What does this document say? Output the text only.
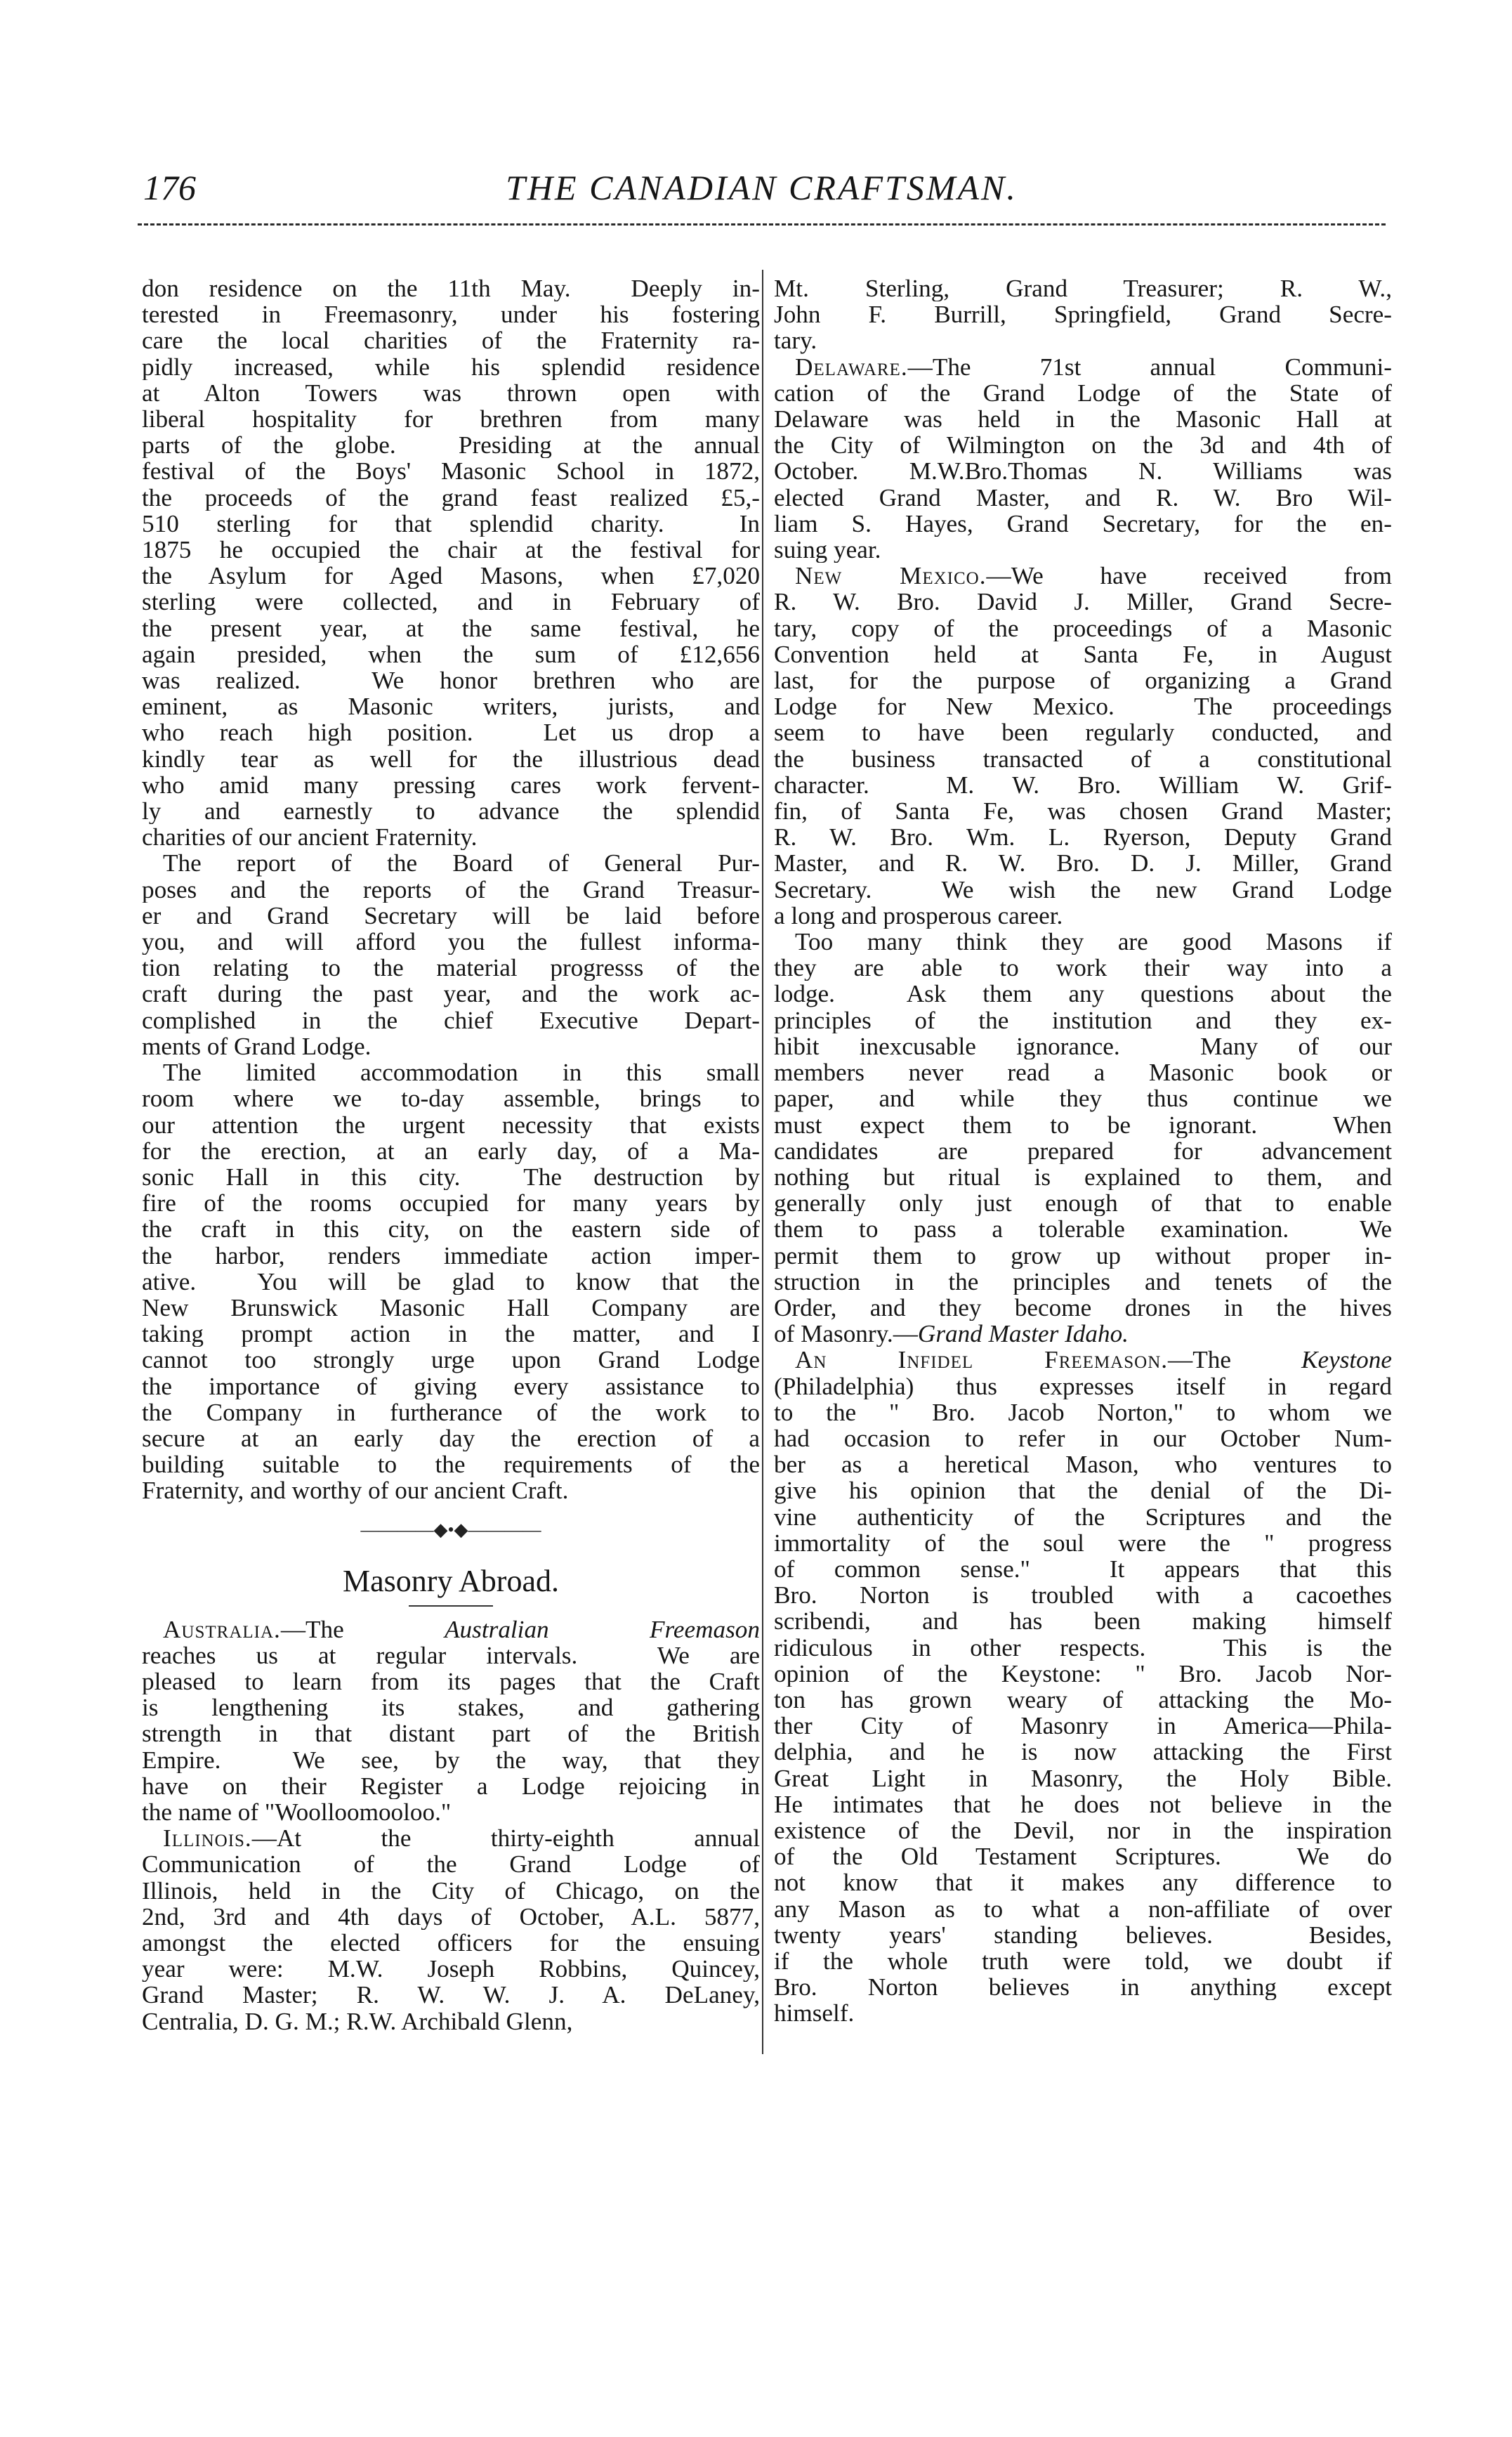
176	THE CANADIAN CRAFTSMAN.
don residence on the 11th May.  Deeply in-
terested in Freemasonry, under his fostering
care the local charities of the Fraternity ra-
pidly increased, while his splendid residence
at Alton Towers was thrown open with
liberal hospitality for brethren from many
parts of the globe.  Presiding at the annual
festival of the Boys' Masonic School in 1872,
the proceeds of the grand feast realized £5,-
510 sterling for that splendid charity.  In
1875 he occupied the chair at the festival for
the Asylum for Aged Masons, when £7,020
sterling were collected, and in February of
the present year, at the same festival, he
again presided, when the sum of £12,656
was realized.  We honor brethren who are
eminent, as Masonic writers, jurists, and
who reach high position.  Let us drop a
kindly tear as well for the illustrious dead
who amid many pressing cares work fervent-
ly and earnestly to advance the splendid
charities of our ancient Fraternity.
The report of the Board of General Pur-
poses and the reports of the Grand Treasur-
er and Grand Secretary will be laid before
you, and will afford you the fullest informa-
tion relating to the material progresss of the
craft during the past year, and the work ac-
complished in the chief Executive Depart-
ments of Grand Lodge.
The limited accommodation in this small
room where we to-day assemble, brings to
our attention the urgent necessity that exists
for the erection, at an early day, of a Ma-
sonic Hall in this city.  The destruction by
fire of the rooms occupied for many years by
the craft in this city, on the eastern side of
the harbor, renders immediate action imper-
ative.  You will be glad to know that the
New Brunswick Masonic Hall Company are
taking prompt action in the matter, and I
cannot too strongly urge upon Grand Lodge
the importance of giving every assistance to
the Company in furtherance of the work to
secure at an early day the erection of a
building suitable to the requirements of the
Fraternity, and worthy of our ancient Craft.
————◆•◆————
Masonry Abroad.
Australia.—The Australian Freemason
reaches us at regular intervals.  We are
pleased to learn from its pages that the Craft
is lengthening its stakes, and gathering
strength in that distant part of the British
Empire.  We see, by the way, that they
have on their Register a Lodge rejoicing in
the name of "Woolloomooloo."
Illinois.—At the thirty-eighth annual
Communication of the Grand Lodge of
Illinois, held in the City of Chicago, on the
2nd, 3rd and 4th days of October, A.L. 5877,
amongst the elected officers for the ensuing
year were: M.W. Joseph Robbins, Quincey,
Grand Master; R. W. W. J. A. DeLaney,
Centralia, D. G. M.; R.W. Archibald Glenn,
Mt. Sterling, Grand Treasurer; R. W.,
John F. Burrill, Springfield, Grand Secre-
tary.
Delaware.—The 71st annual Communi-
cation of the Grand Lodge of the State of
Delaware was held in the Masonic Hall at
the City of Wilmington on the 3d and 4th of
October. M.W.Bro.Thomas N. Williams was
elected Grand Master, and R. W. Bro Wil-
liam S. Hayes, Grand Secretary, for the en-
suing year.
New Mexico.—We have received from
R. W. Bro. David J. Miller, Grand Secre-
tary, copy of the proceedings of a Masonic
Convention held at Santa Fe, in August
last, for the purpose of organizing a Grand
Lodge for New Mexico.  The proceedings
seem to have been regularly conducted, and
the business transacted of a constitutional
character.  M. W. Bro. William W. Grif-
fin, of Santa Fe, was chosen Grand Master;
R. W. Bro. Wm. L. Ryerson, Deputy Grand
Master, and R. W. Bro. D. J. Miller, Grand
Secretary.  We wish the new Grand Lodge
a long and prosperous career.
Too many think they are good Masons if
they are able to work their way into a
lodge.  Ask them any questions about the
principles of the institution and they ex-
hibit inexcusable ignorance.  Many of our
members never read a Masonic book or
paper, and while they thus continue we
must expect them to be ignorant.  When
candidates are prepared for advancement
nothing but ritual is explained to them, and
generally only just enough of that to enable
them to pass a tolerable examination.  We
permit them to grow up without proper in-
struction in the principles and tenets of the
Order, and they become drones in the hives
of Masonry.—Grand Master Idaho.
An Infidel Freemason.—The Keystone
(Philadelphia) thus expresses itself in regard
to the " Bro. Jacob Norton," to whom we
had occasion to refer in our October Num-
ber as a heretical Mason, who ventures to
give his opinion that the denial of the Di-
vine authenticity of the Scriptures and the
immortality of the soul were the " progress
of common sense."  It appears that this
Bro. Norton is troubled with a cacoethes
scribendi, and has been making himself
ridiculous in other respects.  This is the
opinion of the Keystone: " Bro. Jacob Nor-
ton has grown weary of attacking the Mo-
ther City of Masonry in America—Phila-
delphia, and he is now attacking the First
Great Light in Masonry, the Holy Bible.
He intimates that he does not believe in the
existence of the Devil, nor in the inspiration
of the Old Testament Scriptures.  We do
not know that it makes any difference to
any Mason as to what a non-affiliate of over
twenty years' standing believes.  Besides,
if the whole truth were told, we doubt if
Bro. Norton believes in anything except
himself.
